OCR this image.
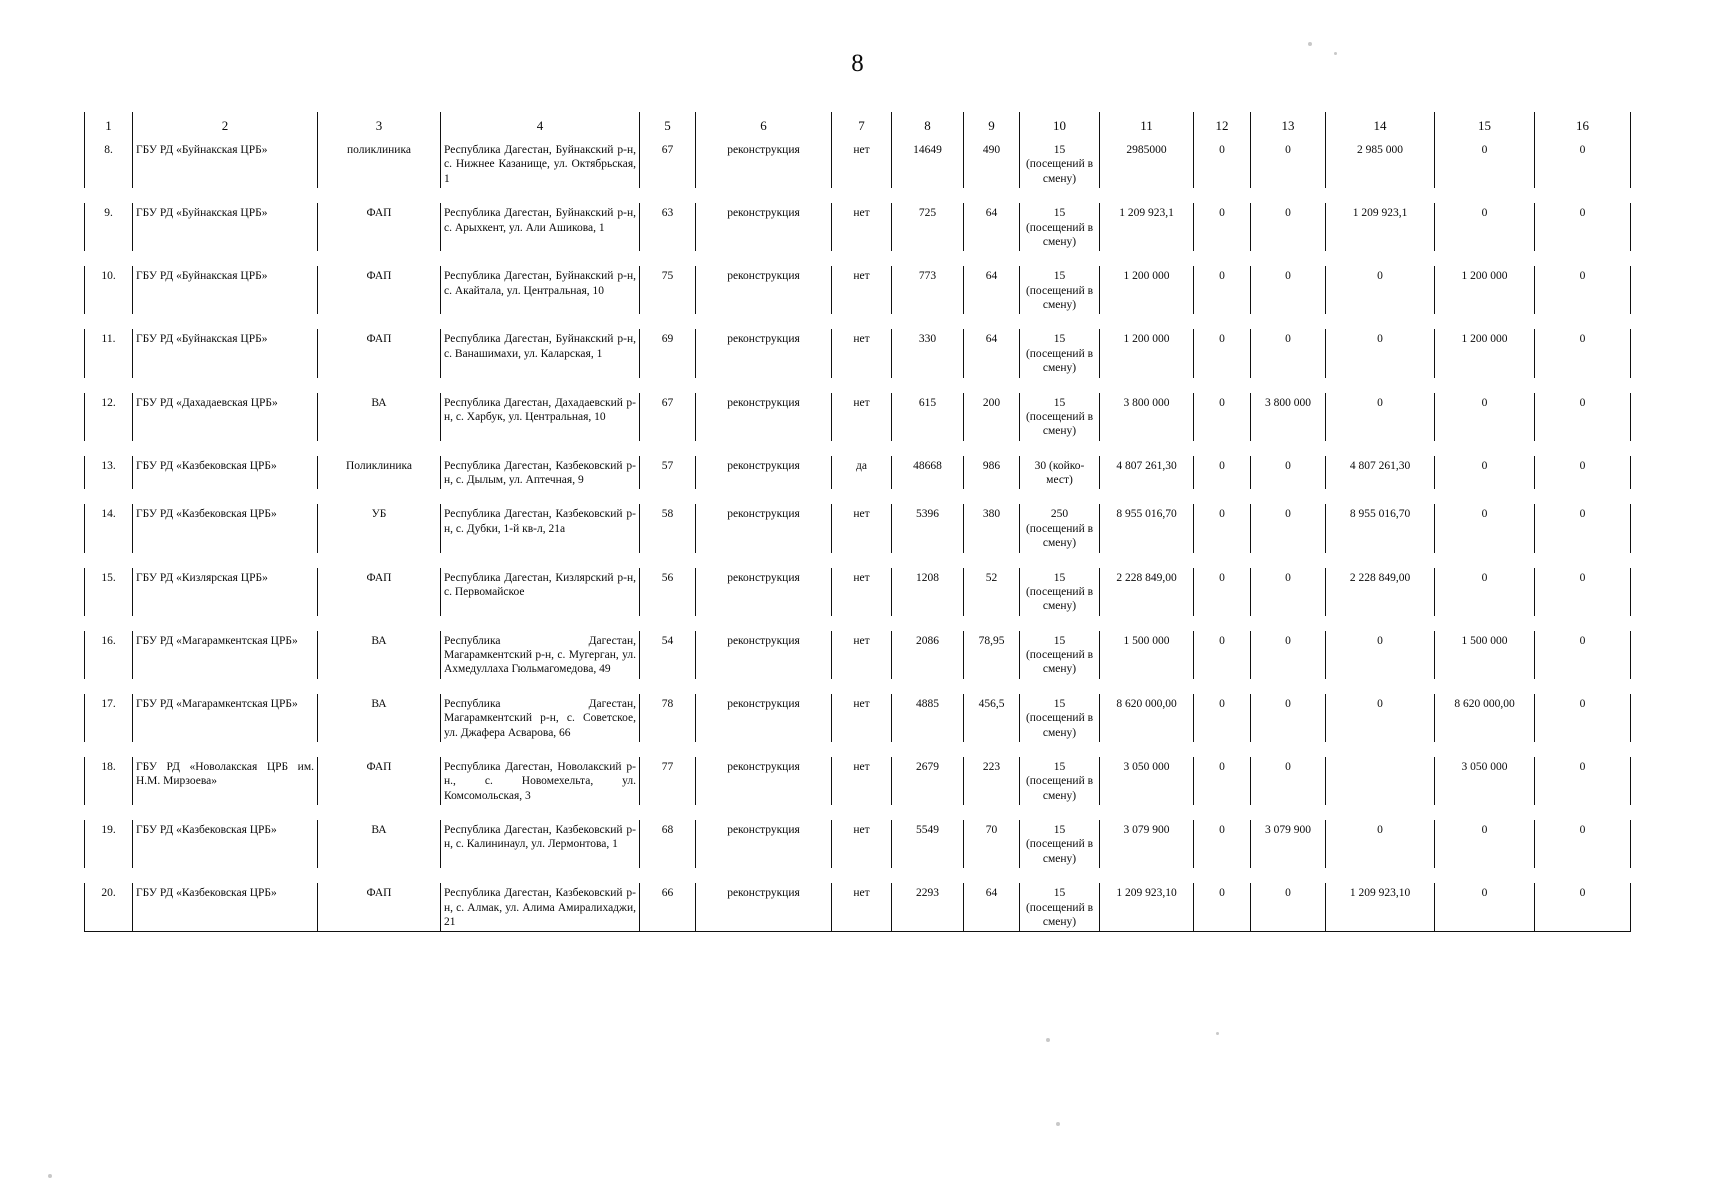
8
1	2	3	4	5	6	7	8	9	10	11	12	13	14	15	16
8.	ГБУ РД «Буйнакская ЦРБ»	поликлиника	Республика Дагестан, Буйнакский р-н, с. Нижнее Казанище, ул. Октябрьская, 1	67	реконструкция	нет	14649	490	15 (посещений в смену)	2985000	0	0	2 985 000	0	0

9.	ГБУ РД «Буйнакская ЦРБ»	ФАП	Республика Дагестан, Буйнакский р-н, с. Арыхкент, ул. Али Ашикова, 1	63	реконструкция	нет	725	64	15 (посещений в смену)	1 209 923,1	0	0	1 209 923,1	0	0

10.	ГБУ РД «Буйнакская ЦРБ»	ФАП	Республика Дагестан, Буйнакский р-н, с. Акайтала, ул. Центральная, 10	75	реконструкция	нет	773	64	15 (посещений в смену)	1 200 000	0	0	0	1 200 000	0

11.	ГБУ РД «Буйнакская ЦРБ»	ФАП	Республика Дагестан, Буйнакский р-н, с. Ванашимахи, ул. Каларская, 1	69	реконструкция	нет	330	64	15 (посещений в смену)	1 200 000	0	0	0	1 200 000	0

12.	ГБУ РД «Дахадаевская ЦРБ»	ВА	Республика Дагестан, Дахадаевский р-н, с. Харбук, ул. Центральная, 10	67	реконструкция	нет	615	200	15 (посещений в смену)	3 800 000	0	3 800 000	0	0	0

13.	ГБУ РД «Казбековская ЦРБ»	Поликлиника	Республика Дагестан, Казбековский р-н, с. Дылым, ул. Аптечная, 9	57	реконструкция	да	48668	986	30 (койко-мест)	4 807 261,30	0	0	4 807 261,30	0	0

14.	ГБУ РД «Казбековская ЦРБ»	УБ	Республика Дагестан, Казбековский р-н, с. Дубки, 1-й кв-л, 21а	58	реконструкция	нет	5396	380	250 (посещений в смену)	8 955 016,70	0	0	8 955 016,70	0	0

15.	ГБУ РД «Кизлярская ЦРБ»	ФАП	Республика Дагестан, Кизлярский р-н, с. Первомайское	56	реконструкция	нет	1208	52	15 (посещений в смену)	2 228 849,00	0	0	2 228 849,00	0	0

16.	ГБУ РД «Магарамкентская ЦРБ»	ВА	Республика Дагестан, Магарамкентский р-н, с. Мугерган, ул. Ахмедуллаха Гюльмагомедова, 49	54	реконструкция	нет	2086	78,95	15 (посещений в смену)	1 500 000	0	0	0	1 500 000	0

17.	ГБУ РД «Магарамкентская ЦРБ»	ВА	Республика Дагестан, Магарамкентский р-н, с. Советское, ул. Джафера Асварова, 66	78	реконструкция	нет	4885	456,5	15 (посещений в смену)	8 620 000,00	0	0	0	8 620 000,00	0

18.	ГБУ РД «Новолакская ЦРБ им. Н.М. Мирзоева»	ФАП	Республика Дагестан, Новолакский р-н., с. Новомехельта, ул. Комсомольская, 3	77	реконструкция	нет	2679	223	15 (посещений в смену)	3 050 000	0	0		3 050 000	0

19.	ГБУ РД «Казбековская ЦРБ»	ВА	Республика Дагестан, Казбековский р-н, с. Калининаул, ул. Лермонтова, 1	68	реконструкция	нет	5549	70	15 (посещений в смену)	3 079 900	0	3 079 900	0	0	0

20.	ГБУ РД «Казбековская ЦРБ»	ФАП	Республика Дагестан, Казбековский р-н, с. Алмак, ул. Алима Амиралихаджи, 21	66	реконструкция	нет	2293	64	15 (посещений в смену)	1 209 923,10	0	0	1 209 923,10	0	0
